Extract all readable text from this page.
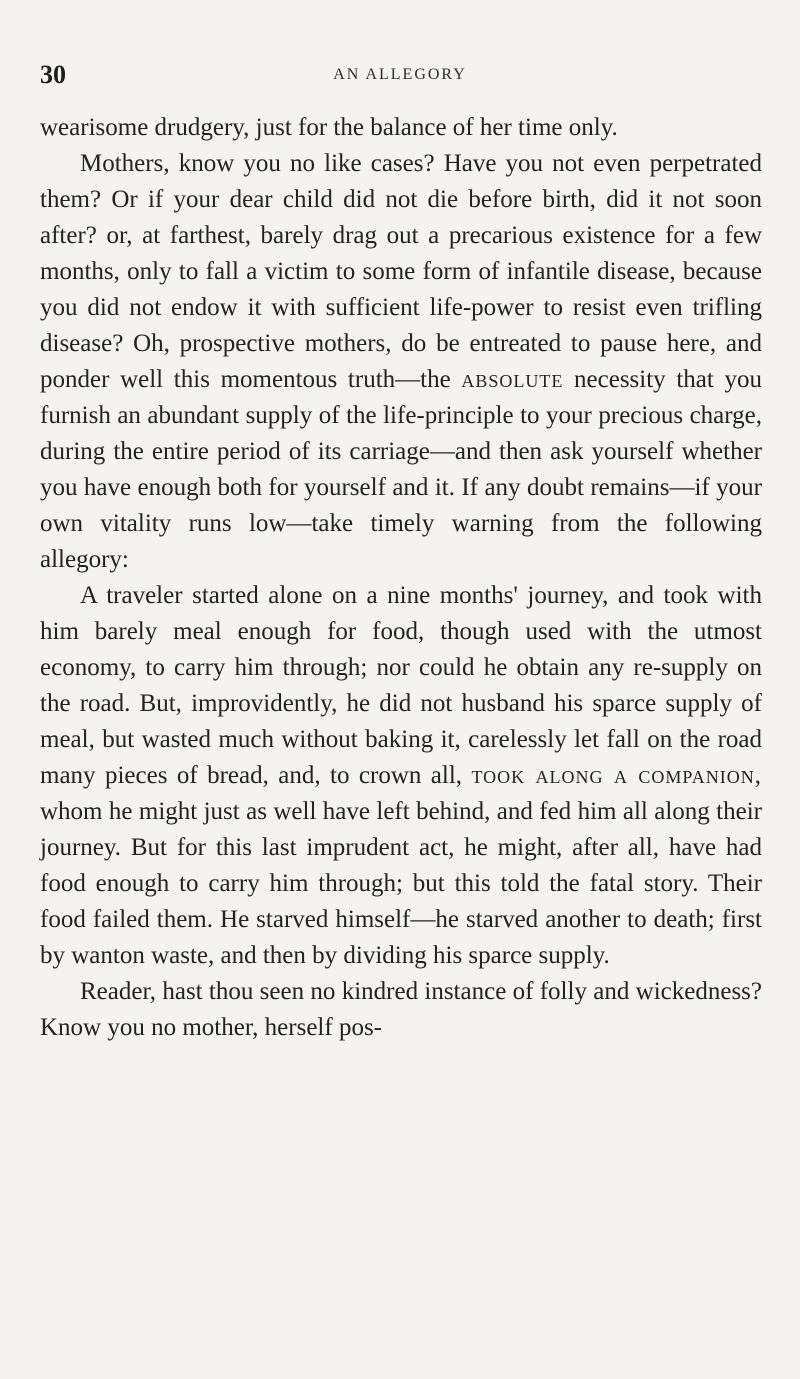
30	AN ALLEGORY

wearisome drudgery, just for the balance of her time only.

Mothers, know you no like cases? Have you not even perpetrated them? Or if your dear child did not die before birth, did it not soon after? or, at farthest, barely drag out a precarious existence for a few months, only to fall a victim to some form of infantile disease, because you did not endow it with sufficient life-power to resist even trifling disease? Oh, prospective mothers, do be entreated to pause here, and ponder well this momentous truth—the absolute necessity that you furnish an abundant supply of the life-principle to your precious charge, during the entire period of its carriage—and then ask yourself whether you have enough both for yourself and it. If any doubt remains—if your own vitality runs low—take timely warning from the following allegory:

A traveler started alone on a nine months' journey, and took with him barely meal enough for food, though used with the utmost economy, to carry him through; nor could he obtain any re-supply on the road. But, improvidently, he did not husband his sparce supply of meal, but wasted much without baking it, carelessly let fall on the road many pieces of bread, and, to crown all, took along a companion, whom he might just as well have left behind, and fed him all along their journey. But for this last imprudent act, he might, after all, have had food enough to carry him through; but this told the fatal story. Their food failed them. He starved himself—he starved another to death; first by wanton waste, and then by dividing his sparce supply.

Reader, hast thou seen no kindred instance of folly and wickedness? Know you no mother, herself pos-
